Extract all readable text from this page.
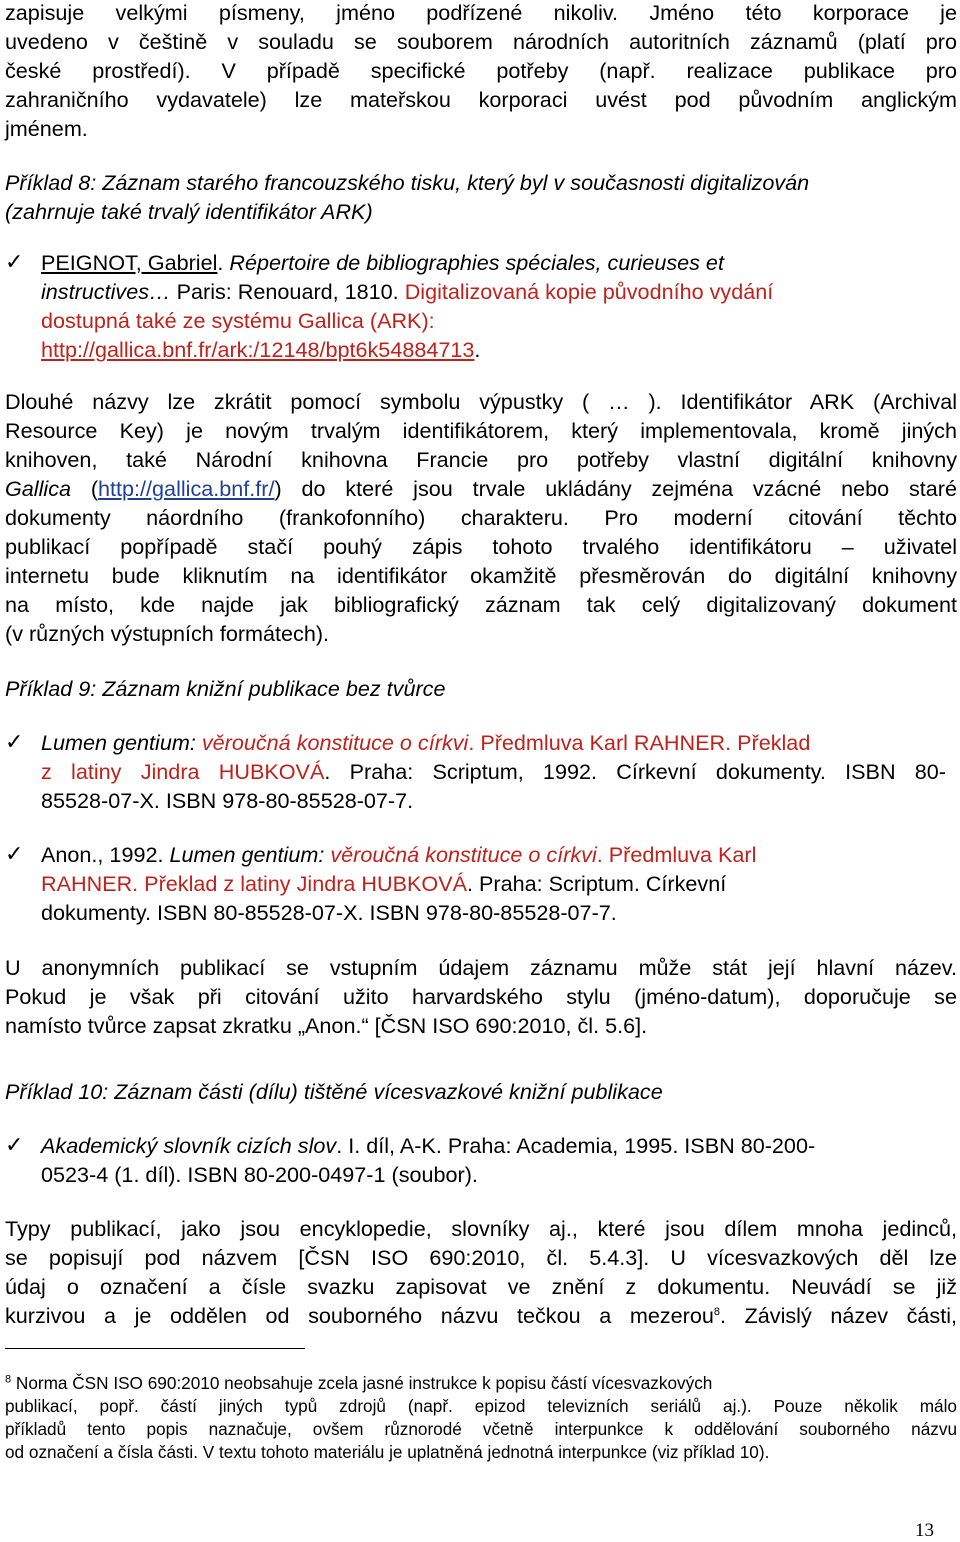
zapisuje velkými písmeny, jméno podřízené nikoliv. Jméno této korporace je
uvedeno v češtině v souladu se souborem národních autoritních záznamů (platí pro
české prostředí). V případě specifické potřeby (např. realizace publikace pro
zahraničního vydavatele) lze mateřskou korporaci uvést pod původním anglickým
jménem.
Příklad 8: Záznam starého francouzského tisku, který byl v současnosti digitalizován
(zahrnuje také trvalý identifikátor ARK)
✓ PEIGNOT, Gabriel. Répertoire de bibliographies spéciales, curieuses et
instructives… Paris: Renouard, 1810. Digitalizovaná kopie původního vydání
dostupná také ze systému Gallica (ARK):
http://gallica.bnf.fr/ark:/12148/bpt6k54884713.
Dlouhé názvy lze zkrátit pomocí symbolu výpustky ( … ). Identifikátor ARK (Archival
Resource Key) je novým trvalým identifikátorem, který implementovala, kromě jiných
knihoven, také Národní knihovna Francie pro potřeby vlastní digitální knihovny
Gallica (http://gallica.bnf.fr/) do které jsou trvale ukládány zejména vzácné nebo staré
dokumenty náordního (frankofonního) charakteru. Pro moderní citování těchto
publikací popřípadě stačí pouhý zápis tohoto trvalého identifikátoru – uživatel
internetu bude kliknutím na identifikátor okamžitě přesměrován do digitální knihovny
na místo, kde najde jak bibliografický záznam tak celý digitalizovaný dokument
(v různých výstupních formátech).
Příklad 9: Záznam knižní publikace bez tvůrce
✓ Lumen gentium: věroučná konstituce o církvi. Předmluva Karl RAHNER. Překlad
z latiny Jindra HUBKOVÁ. Praha: Scriptum, 1992. Církevní dokumenty. ISBN 80-
85528-07-X. ISBN 978-80-85528-07-7.
✓ Anon., 1992. Lumen gentium: věroučná konstituce o církvi. Předmluva Karl
RAHNER. Překlad z latiny Jindra HUBKOVÁ. Praha: Scriptum. Církevní
dokumenty. ISBN 80-85528-07-X. ISBN 978-80-85528-07-7.
U anonymních publikací se vstupním údajem záznamu může stát její hlavní název.
Pokud je však při citování užito harvardského stylu (jméno-datum), doporučuje se
namísto tvůrce zapsat zkratku „Anon.“ [ČSN ISO 690:2010, čl. 5.6].
Příklad 10: Záznam části (dílu) tištěné vícesvazkové knižní publikace
✓ Akademický slovník cizích slov. I. díl, A-K. Praha: Academia, 1995. ISBN 80-200-
0523-4 (1. díl). ISBN 80-200-0497-1 (soubor).
Typy publikací, jako jsou encyklopedie, slovníky aj., které jsou dílem mnoha jedinců,
se popisují pod názvem [ČSN ISO 690:2010, čl. 5.4.3]. U vícesvazkových děl lze
údaj o označení a čísle svazku zapisovat ve znění z dokumentu. Neuvádí se již
kurzivou a je oddělen od souborného názvu tečkou a mezerou$^8$. Závislý název části,
$^8$ Norma ČSN ISO 690:2010 neobsahuje zcela jasné instrukce k popisu částí vícesvazkových
publikací, popř. částí jiných typů zdrojů (např. epizod televizních seriálů aj.). Pouze několik málo
příkladů tento popis naznačuje, ovšem různorodé včetně interpunkce k oddělování souborného názvu
od označení a čísla části. V textu tohoto materiálu je uplatněná jednotná interpunkce (viz příklad 10).
13
